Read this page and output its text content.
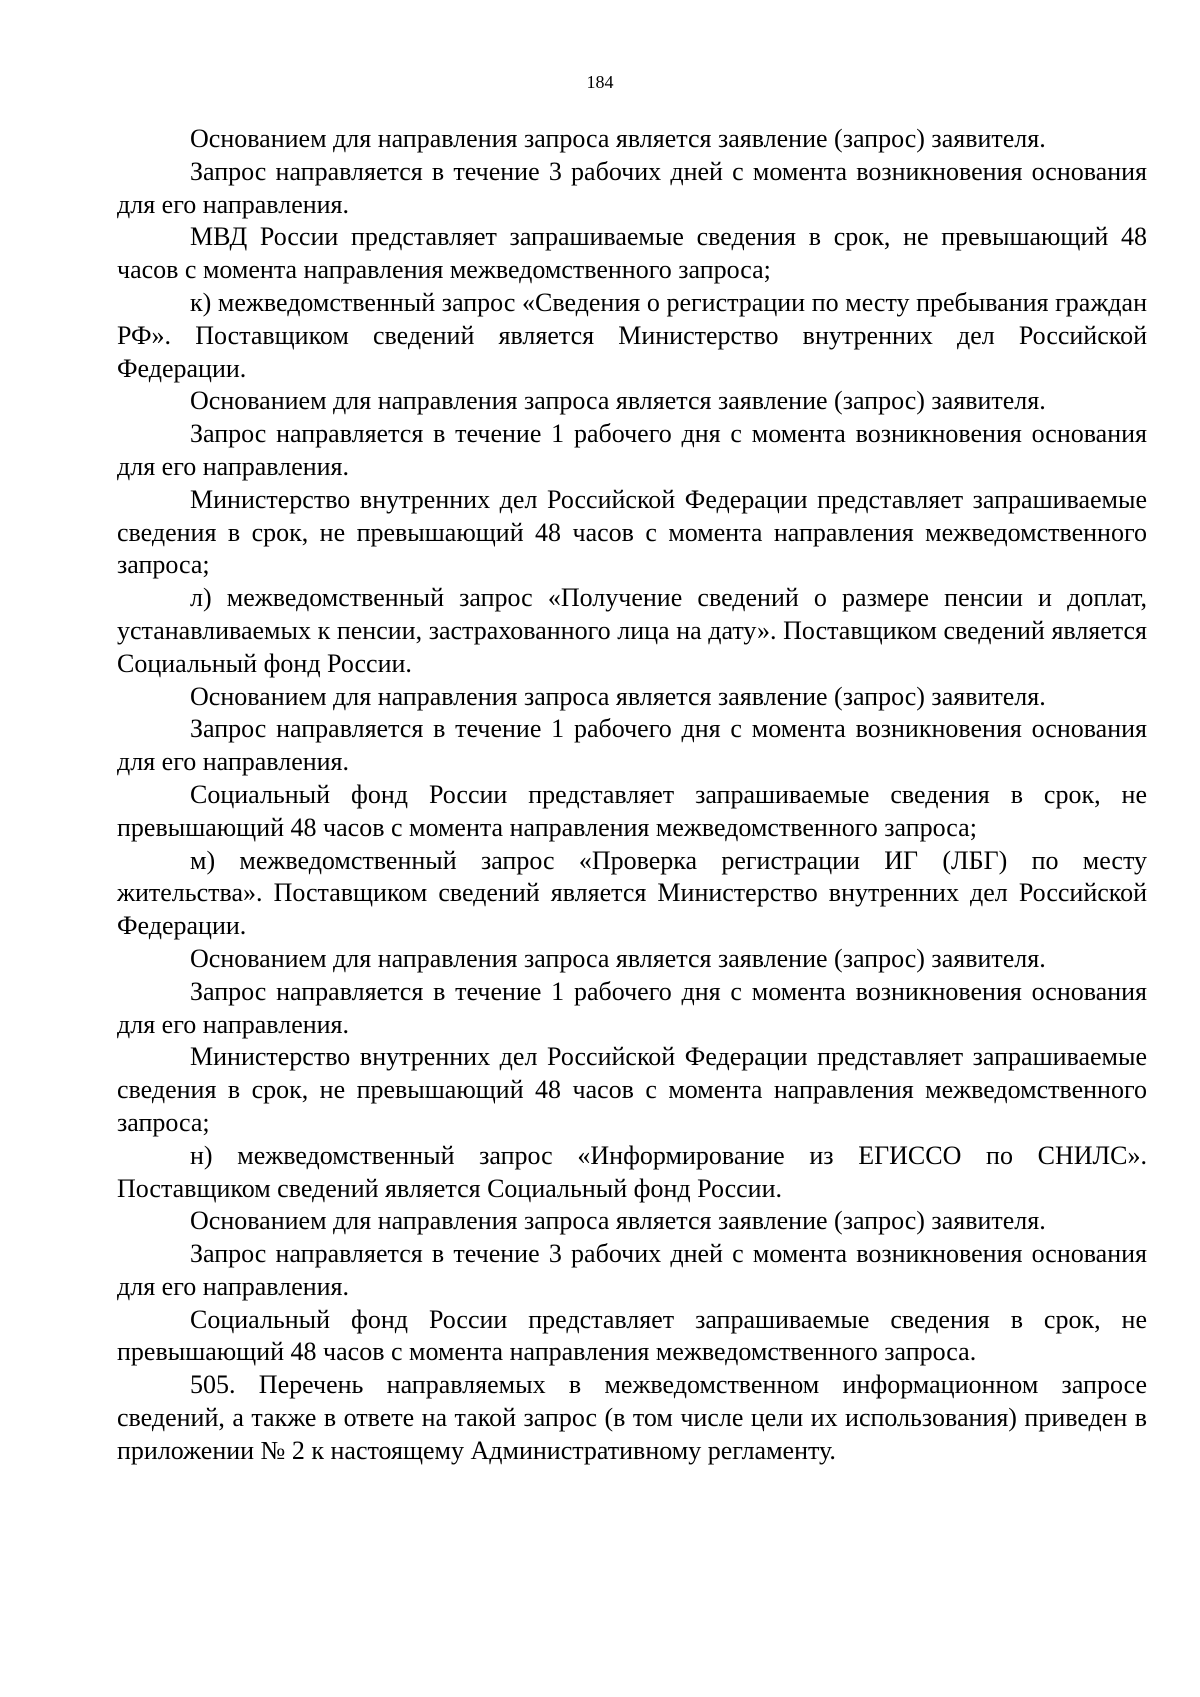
184

Основанием для направления запроса является заявление (запрос) заявителя.

Запрос направляется в течение 3 рабочих дней с момента возникновения основания для его направления.

МВД России представляет запрашиваемые сведения в срок, не превышающий 48 часов с момента направления межведомственного запроса;

к) межведомственный запрос «Сведения о регистрации по месту пребывания граждан РФ». Поставщиком сведений является Министерство внутренних дел Российской Федерации.

Основанием для направления запроса является заявление (запрос) заявителя.

Запрос направляется в течение 1 рабочего дня с момента возникновения основания для его направления.

Министерство внутренних дел Российской Федерации представляет запрашиваемые сведения в срок, не превышающий 48 часов с момента направления межведомственного запроса;

л) межведомственный запрос «Получение сведений о размере пенсии и доплат, устанавливаемых к пенсии, застрахованного лица на дату». Поставщиком сведений является Социальный фонд России.

Основанием для направления запроса является заявление (запрос) заявителя.

Запрос направляется в течение 1 рабочего дня с момента возникновения основания для его направления.

Социальный фонд России представляет запрашиваемые сведения в срок, не превышающий 48 часов с момента направления межведомственного запроса;

м) межведомственный запрос «Проверка регистрации ИГ (ЛБГ) по месту жительства». Поставщиком сведений является Министерство внутренних дел Российской Федерации.

Основанием для направления запроса является заявление (запрос) заявителя.

Запрос направляется в течение 1 рабочего дня с момента возникновения основания для его направления.

Министерство внутренних дел Российской Федерации представляет запрашиваемые сведения в срок, не превышающий 48 часов с момента направления межведомственного запроса;

н) межведомственный запрос «Информирование из ЕГИССО по СНИЛС». Поставщиком сведений является Социальный фонд России.

Основанием для направления запроса является заявление (запрос) заявителя.

Запрос направляется в течение 3 рабочих дней с момента возникновения основания для его направления.

Социальный фонд России представляет запрашиваемые сведения в срок, не превышающий 48 часов с момента направления межведомственного запроса.

505. Перечень направляемых в межведомственном информационном запросе сведений, а также в ответе на такой запрос (в том числе цели их использования) приведен в приложении № 2 к настоящему Административному регламенту.
